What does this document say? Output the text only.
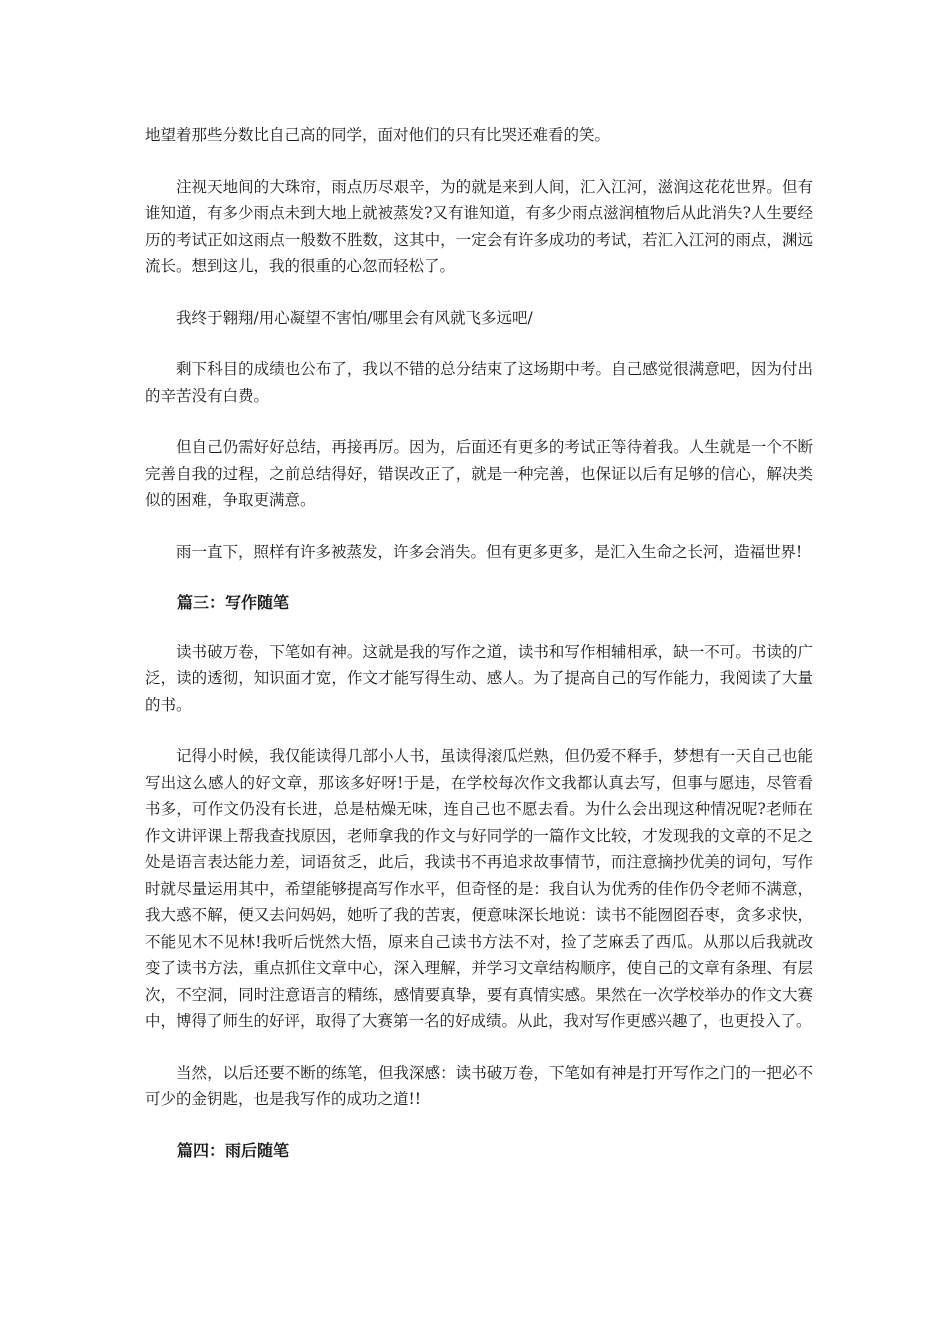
地望着那些分数比自己高的同学，面对他们的只有比哭还难看的笑。

注视天地间的大珠帘，雨点历尽艰辛，为的就是来到人间，汇入江河，滋润这花花世界。但有谁知道，有多少雨点未到大地上就被蒸发?又有谁知道，有多少雨点滋润植物后从此消失?人生要经历的考试正如这雨点一般数不胜数，这其中，一定会有许多成功的考试，若汇入江河的雨点，渊远流长。想到这儿，我的很重的心忽而轻松了。

我终于翱翔/用心凝望不害怕/哪里会有风就飞多远吧/

剩下科目的成绩也公布了，我以不错的总分结束了这场期中考。自己感觉很满意吧，因为付出的辛苦没有白费。

但自己仍需好好总结，再接再厉。因为，后面还有更多的考试正等待着我。人生就是一个不断完善自我的过程，之前总结得好，错误改正了，就是一种完善，也保证以后有足够的信心，解决类似的困难，争取更满意。

雨一直下，照样有许多被蒸发，许多会消失。但有更多更多，是汇入生命之长河，造福世界!

篇三：写作随笔

读书破万卷，下笔如有神。这就是我的写作之道，读书和写作相辅相承，缺一不可。书读的广泛，读的透彻，知识面才宽，作文才能写得生动、感人。为了提高自己的写作能力，我阅读了大量的书。

记得小时候，我仅能读得几部小人书，虽读得滚瓜烂熟，但仍爱不释手，梦想有一天自己也能写出这么感人的好文章，那该多好呀!于是，在学校每次作文我都认真去写，但事与愿违，尽管看书多，可作文仍没有长进，总是枯燥无味，连自己也不愿去看。为什么会出现这种情况呢?老师在作文讲评课上帮我查找原因，老师拿我的作文与好同学的一篇作文比较，才发现我的文章的不足之处是语言表达能力差，词语贫乏，此后，我读书不再追求故事情节，而注意摘抄优美的词句，写作时就尽量运用其中，希望能够提高写作水平，但奇怪的是：我自认为优秀的佳作仍令老师不满意，我大惑不解，便又去问妈妈，她听了我的苦衷，便意味深长地说：读书不能囫囵吞枣，贪多求快，不能见木不见林!我听后恍然大悟，原来自己读书方法不对，捡了芝麻丢了西瓜。从那以后我就改变了读书方法，重点抓住文章中心，深入理解，并学习文章结构顺序，使自己的文章有条理、有层次，不空洞，同时注意语言的精练，感情要真挚，要有真情实感。果然在一次学校举办的作文大赛中，博得了师生的好评，取得了大赛第一名的好成绩。从此，我对写作更感兴趣了，也更投入了。

当然，以后还要不断的练笔，但我深感：读书破万卷，下笔如有神是打开写作之门的一把必不可少的金钥匙，也是我写作的成功之道!!

篇四：雨后随笔
